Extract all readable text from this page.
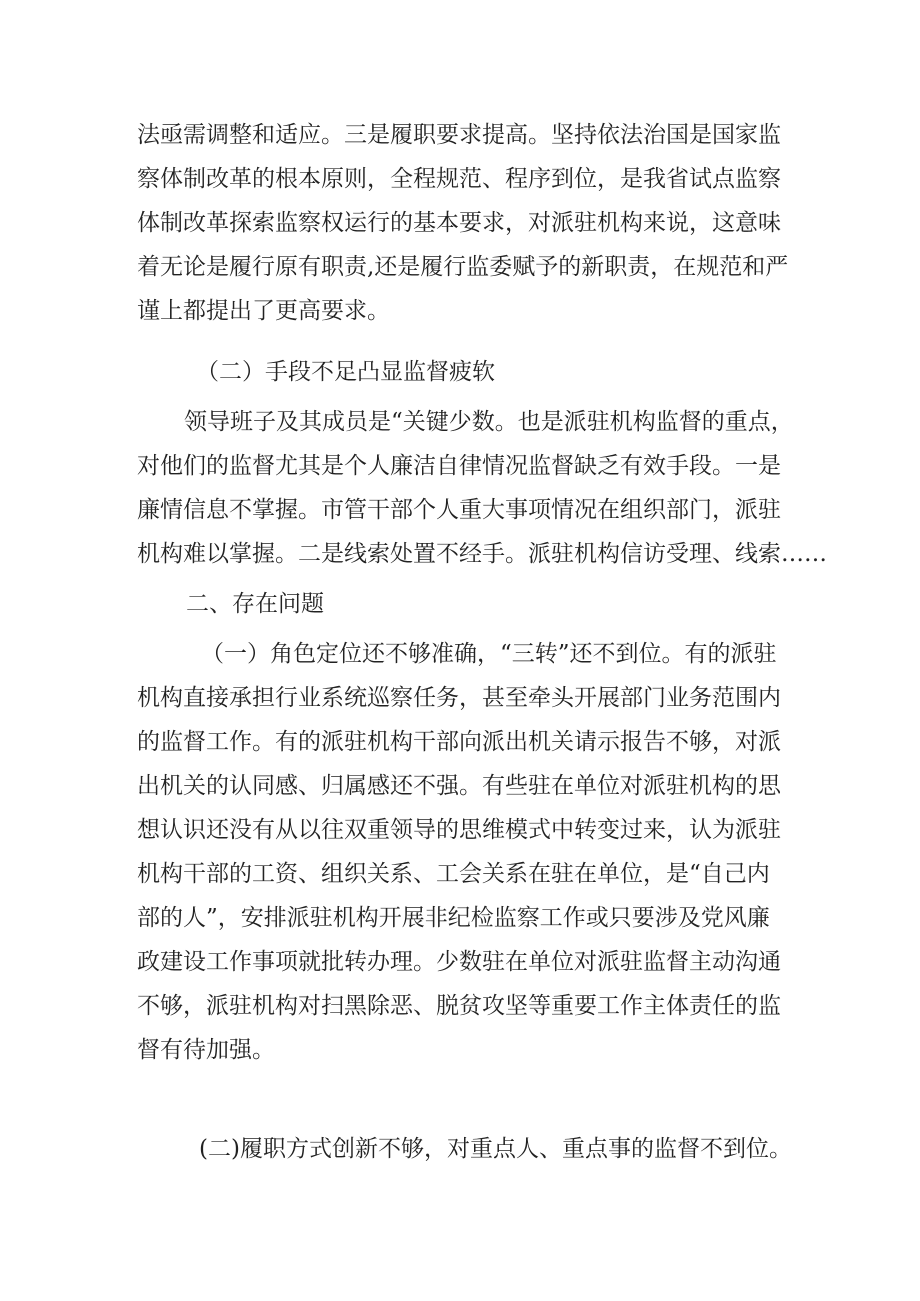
法亟需调整和适应。三是履职要求提高。坚持依法治国是国家监
察体制改革的根本原则，全程规范、程序到位，是我省试点监察
体制改革探索监察权运行的基本要求，对派驻机构来说，这意味
着无论是履行原有职责,还是履行监委赋予的新职责，在规范和严
谨上都提出了更高要求。
（二）手段不足凸显监督疲软
领导班子及其成员是“关键少数。也是派驻机构监督的重点，
对他们的监督尤其是个人廉洁自律情况监督缺乏有效手段。一是
廉情信息不掌握。市管干部个人重大事项情况在组织部门，派驻
机构难以掌握。二是线索处置不经手。派驻机构信访受理、线索……
二、存在问题
（一）角色定位还不够准确，“三转”还不到位。有的派驻
机构直接承担行业系统巡察任务，甚至牵头开展部门业务范围内
的监督工作。有的派驻机构干部向派出机关请示报告不够，对派
出机关的认同感、归属感还不强。有些驻在单位对派驻机构的思
想认识还没有从以往双重领导的思维模式中转变过来，认为派驻
机构干部的工资、组织关系、工会关系在驻在单位，是“自己内
部的人”，安排派驻机构开展非纪检监察工作或只要涉及党风廉
政建设工作事项就批转办理。少数驻在单位对派驻监督主动沟通
不够，派驻机构对扫黑除恶、脱贫攻坚等重要工作主体责任的监
督有待加强。
(二)履职方式创新不够，对重点人、重点事的监督不到位。
